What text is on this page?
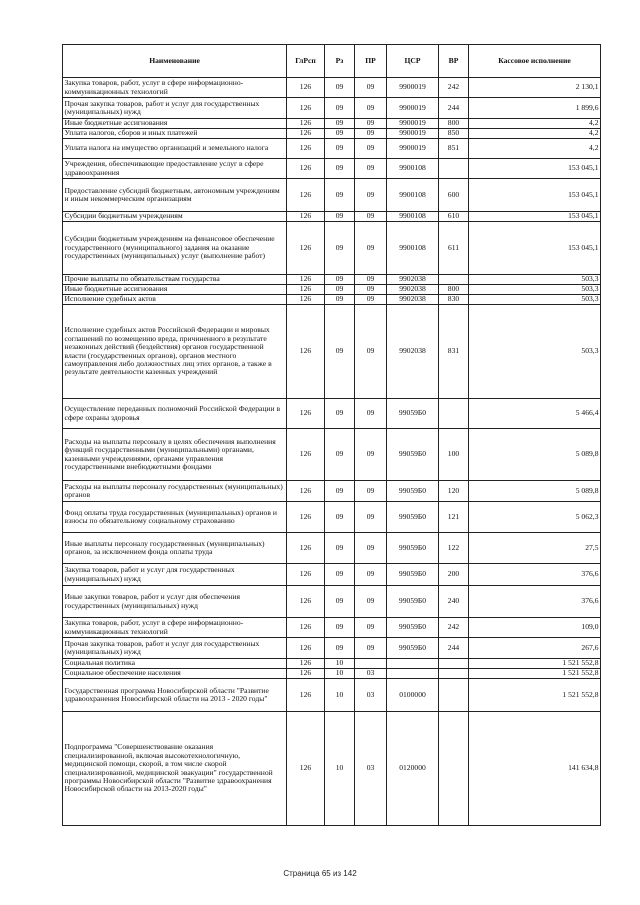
Наименование	ГлРсп	Рз	ПР	ЦСР	ВР	Кассовое исполнение
Закупка товаров, работ, услуг в сфере информационно-коммуникационных технологий	126	09	09	9900019	242	2 130,1
Прочая закупка товаров, работ и услуг для государственных (муниципальных) нужд	126	09	09	9900019	244	1 899,6
Иные бюджетные ассигнования	126	09	09	9900019	800	4,2
Уплата налогов, сборов и иных платежей	126	09	09	9900019	850	4,2
Уплата налога на имущество организаций и земельного налога	126	09	09	9900019	851	4,2
Учреждения, обеспечивающие предоставление услуг в сфере здравоохранения	126	09	09	9900108		153 045,1
Предоставление субсидий бюджетным, автономным учреждениям и иным некоммерческим организациям	126	09	09	9900108	600	153 045,1
Субсидии бюджетным учреждениям	126	09	09	9900108	610	153 045,1
Субсидии бюджетным учреждениям на финансовое обеспечение государственного (муниципального) задания на оказание государственных (муниципальных) услуг (выполнение работ)	126	09	09	9900108	611	153 045,1
Прочие выплаты по обязательствам государства	126	09	09	9902038		503,3
Иные бюджетные ассигнования	126	09	09	9902038	800	503,3
Исполнение судебных актов	126	09	09	9902038	830	503,3
Исполнение судебных актов Российской Федерации и мировых соглашений по возмещению вреда, причиненного в результате незаконных действий (бездействия) органов государственной власти (государственных органов), органов местного самоуправления либо должностных лиц этих органов, а также в результате деятельности казенных учреждений	126	09	09	9902038	831	503,3
Осуществление переданных полномочий Российской Федерации в сфере охраны здоровья	126	09	09	99059Б0		5 466,4
Расходы на выплаты персоналу в целях обеспечения выполнения функций государственными (муниципальными) органами, казенными учреждениями, органами управления государственными внебюджетными фондами	126	09	09	99059Б0	100	5 089,8
Расходы на выплаты персоналу государственных (муниципальных) органов	126	09	09	99059Б0	120	5 089,8
Фонд оплаты труда государственных (муниципальных) органов и взносы по обязательному социальному страхованию	126	09	09	99059Б0	121	5 062,3
Иные выплаты персоналу государственных (муниципальных) органов, за исключением фонда оплаты труда	126	09	09	99059Б0	122	27,5
Закупка товаров, работ и услуг для государственных (муниципальных) нужд	126	09	09	99059Б0	200	376,6
Иные закупки товаров, работ и услуг для обеспечения государственных (муниципальных) нужд	126	09	09	99059Б0	240	376,6
Закупка товаров, работ, услуг в сфере информационно-коммуникационных технологий	126	09	09	99059Б0	242	109,0
Прочая закупка товаров, работ и услуг для государственных (муниципальных) нужд	126	09	09	99059Б0	244	267,6
Социальная политика	126	10				1 521 552,8
Социальное обеспечение населения	126	10	03			1 521 552,8
Государственная программа Новосибирской области "Развитие здравоохранения Новосибирской области на 2013 - 2020 годы"	126	10	03	0100000		1 521 552,8
Подпрограмма "Совершенствование оказания специализированной, включая высокотехнологичную, медицинской помощи, скорой, в том числе скорой специализированной, медицинской эвакуации" государственной программы Новосибирской области "Развитие здравоохранения Новосибирской области на 2013-2020 годы"	126	10	03	0120000		141 634,8
Страница 65 из 142
